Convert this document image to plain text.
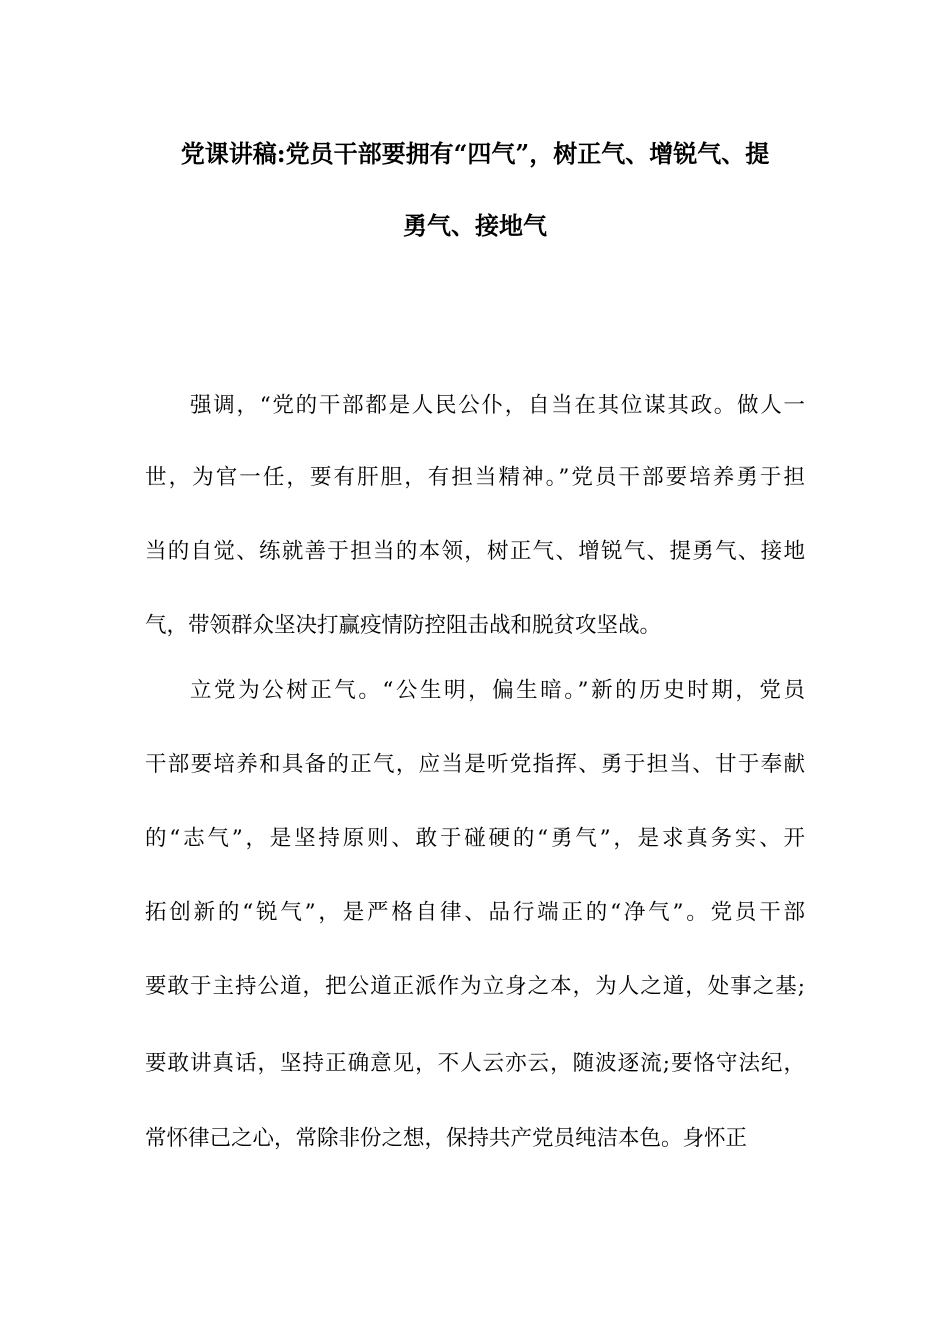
党课讲稿:党员干部要拥有“四气”，树正气、增锐气、提
勇气、接地气
强调，“党的干部都是人民公仆，自当在其位谋其政。做人一
世，为官一任，要有肝胆，有担当精神。”党员干部要培养勇于担
当的自觉、练就善于担当的本领，树正气、增锐气、提勇气、接地
气，带领群众坚决打赢疫情防控阻击战和脱贫攻坚战。
立党为公树正气。“公生明，偏生暗。”新的历史时期，党员
干部要培养和具备的正气，应当是听党指挥、勇于担当、甘于奉献
的“志气”，是坚持原则、敢于碰硬的“勇气”，是求真务实、开
拓创新的“锐气”，是严格自律、品行端正的“净气”。党员干部
要敢于主持公道，把公道正派作为立身之本，为人之道，处事之基;
要敢讲真话，坚持正确意见，不人云亦云，随波逐流;要恪守法纪，
常怀律己之心，常除非份之想，保持共产党员纯洁本色。身怀正
